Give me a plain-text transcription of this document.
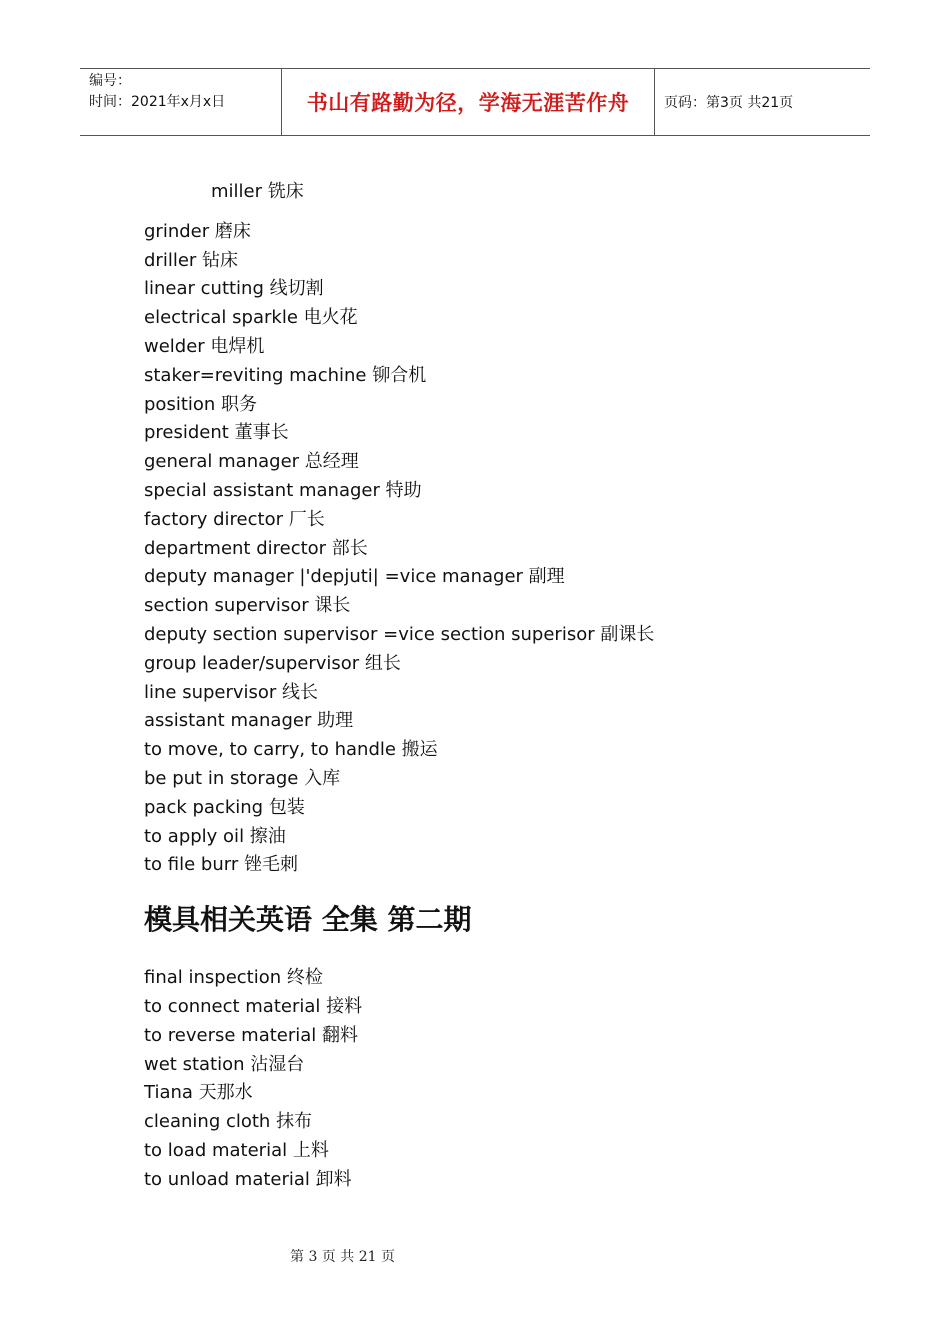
编号：
时间：2021年x月x日	书山有路勤为径，学海无涯苦作舟 页码：第3页 共21页
miller 铣床
grinder 磨床
driller 钻床
linear cutting 线切割
electrical sparkle 电火花
welder 电焊机
staker=reviting machine 铆合机
position 职务
president 董事长
general manager 总经理
special assistant manager 特助
factory director 厂长
department director 部长
deputy manager |'depjuti| =vice manager 副理
section supervisor 课长
deputy section supervisor =vice section superisor 副课长
group leader/supervisor 组长
line supervisor 线长
assistant manager 助理
to move, to carry, to handle 搬运
be put in storage 入库
pack packing 包装
to apply oil 擦油
to file burr 锉毛刺
模具相关英语 全集 第二期
final inspection 终检
to connect material 接料
to reverse material 翻料
wet station 沾湿台
Tiana 天那水
cleaning cloth 抹布
to load material 上料
to unload material 卸料
第 3 页 共 21 页
